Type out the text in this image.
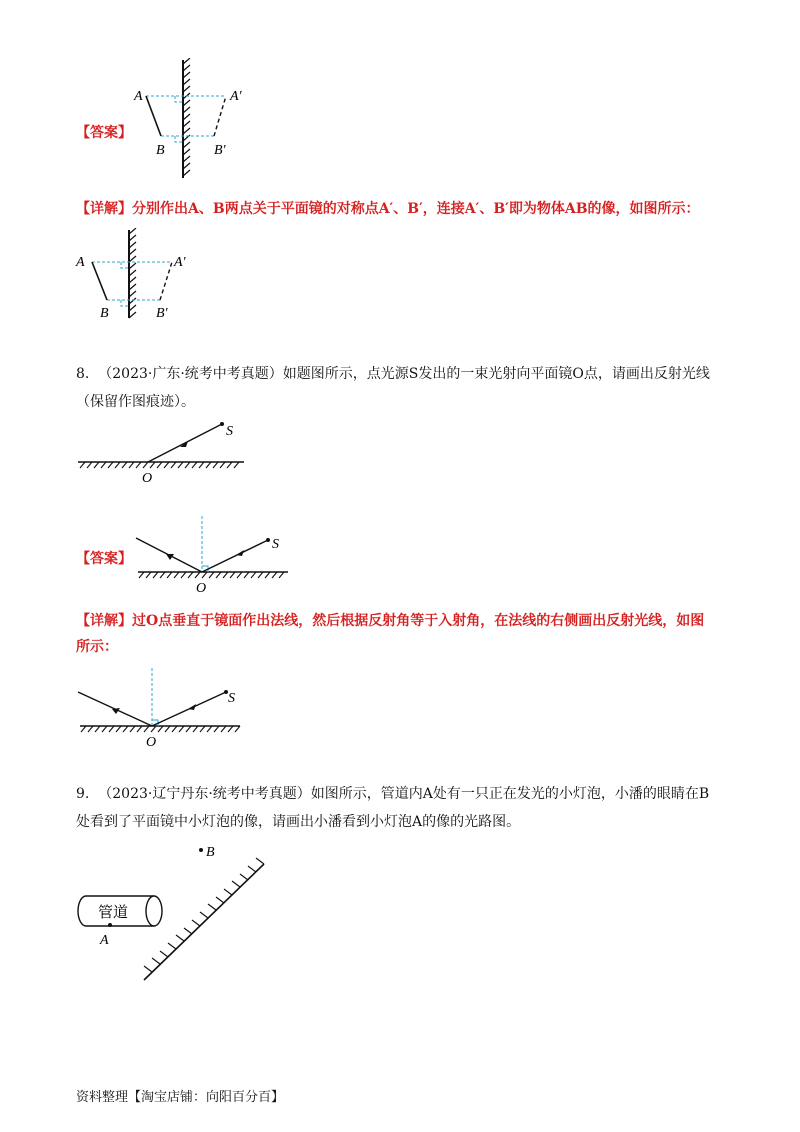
【答案】
A
B
A′
B′
【详解】分别作出A、B两点关于平面镜的对称点A′、B′，连接A′、B′即为物体AB的像，如图所示：
A
B
A′
B′
8. （2023·广东·统考中考真题）如题图所示，点光源S发出的一束光射向平面镜O点，请画出反射光线
（保留作图痕迹）。
S
O
【答案】
S
O
【详解】过O点垂直于镜面作出法线，然后根据反射角等于入射角，在法线的右侧画出反射光线，如图
所示：
S
O
9. （2023·辽宁丹东·统考中考真题）如图所示，管道内A处有一只正在发光的小灯泡，小潘的眼睛在B
处看到了平面镜中小灯泡的像，请画出小潘看到小灯泡A的像的光路图。
B
管道
A
资料整理【淘宝店铺：向阳百分百】
